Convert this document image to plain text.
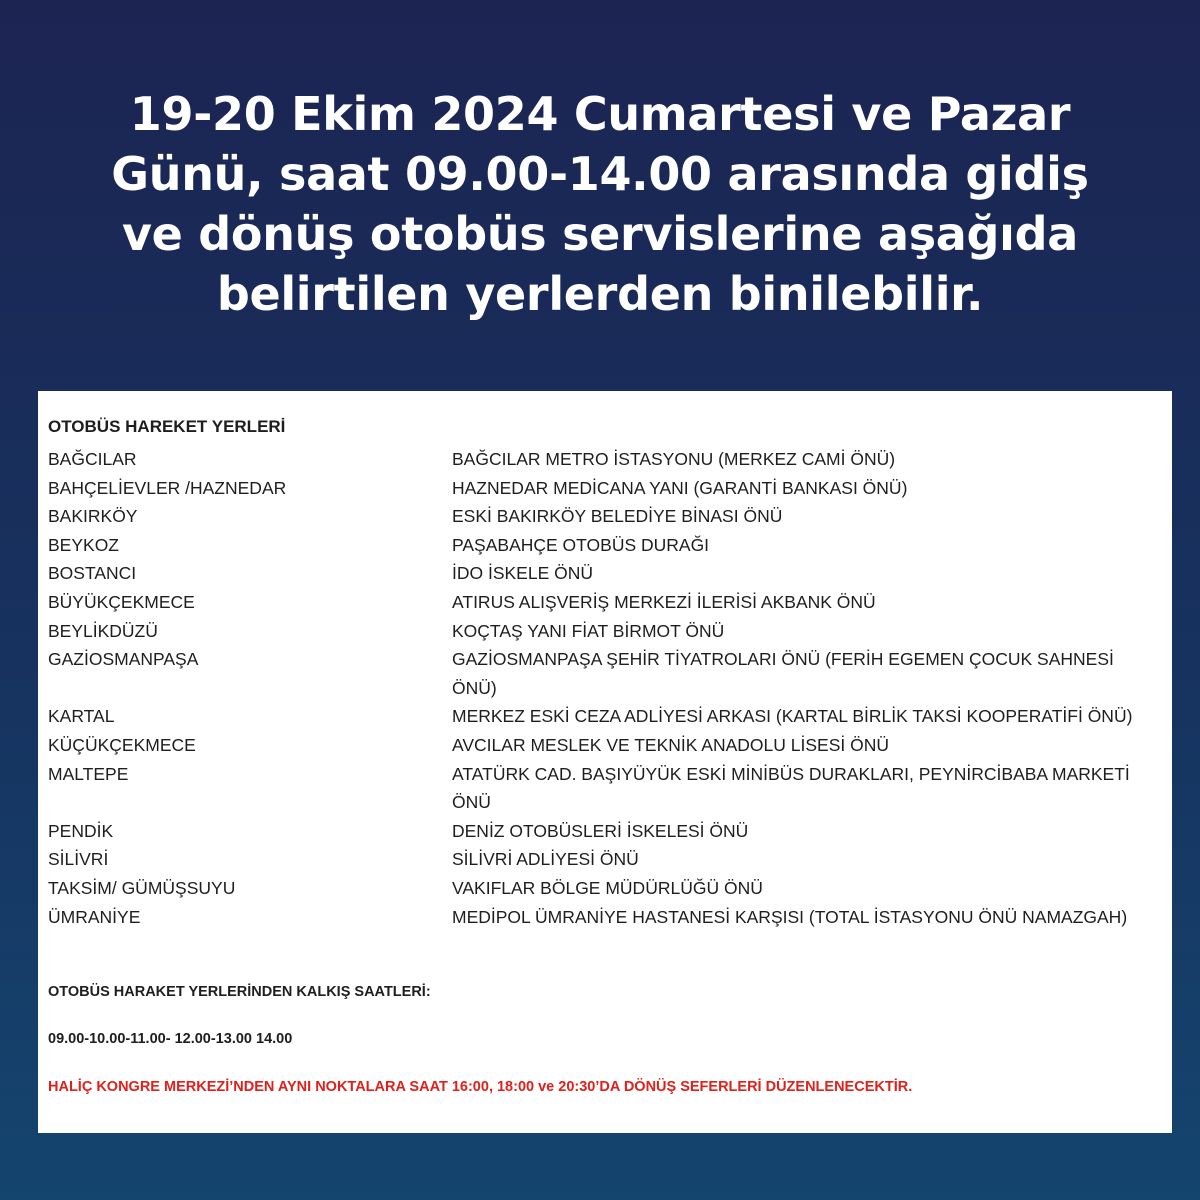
19-20 Ekim 2024 Cumartesi ve Pazar
Günü, saat 09.00-14.00 arasında gidiş
ve dönüş otobüs servislerine aşağıda
belirtilen yerlerden binilebilir.
OTOBÜS HAREKET YERLERİ
BAĞCILAR	BAĞCILAR METRO İSTASYONU (MERKEZ CAMİ ÖNÜ)
BAHÇELİEVLER /HAZNEDAR	HAZNEDAR MEDİCANA YANI (GARANTİ BANKASI ÖNÜ)
BAKIRKÖY	ESKİ BAKIRKÖY BELEDİYE BİNASI ÖNÜ
BEYKOZ	PAŞABAHÇE OTOBÜS DURAĞI
BOSTANCI	İDO İSKELE ÖNÜ
BÜYÜKÇEKMECE	ATIRUS ALIŞVERİŞ MERKEZİ İLERİSİ AKBANK ÖNÜ
BEYLİKDÜZÜ	KOÇTAŞ YANI FİAT BİRMOT ÖNÜ
GAZİOSMANPAŞA	GAZİOSMANPAŞA ŞEHİR TİYATROLARI ÖNÜ (FERİH EGEMEN ÇOCUK SAHNESİ
ÖNÜ)
KARTAL	MERKEZ ESKİ CEZA ADLİYESİ ARKASI (KARTAL BİRLİK TAKSİ KOOPERATİFİ ÖNÜ)
KÜÇÜKÇEKMECE	AVCILAR MESLEK VE TEKNİK ANADOLU LİSESİ ÖNÜ
MALTEPE	ATATÜRK CAD. BAŞIYÜYÜK ESKİ MİNİBÜS DURAKLARI, PEYNİRCİBABA MARKETİ
ÖNÜ
PENDİK	DENİZ OTOBÜSLERİ İSKELESİ ÖNÜ
SİLİVRİ	SİLİVRİ ADLİYESİ ÖNÜ
TAKSİM/ GÜMÜŞSUYU	VAKIFLAR BÖLGE MÜDÜRLÜĞÜ ÖNÜ
ÜMRANİYE	MEDİPOL ÜMRANİYE HASTANESİ KARŞISI (TOTAL İSTASYONU ÖNÜ NAMAZGAH)
OTOBÜS HARAKET YERLERİNDEN KALKIŞ SAATLERİ:
09.00-10.00-11.00- 12.00-13.00 14.00
HALİÇ KONGRE MERKEZİ’NDEN AYNI NOKTALARA SAAT 16:00, 18:00 ve 20:30’DA DÖNÜŞ SEFERLERİ DÜZENLENECEKTİR.
